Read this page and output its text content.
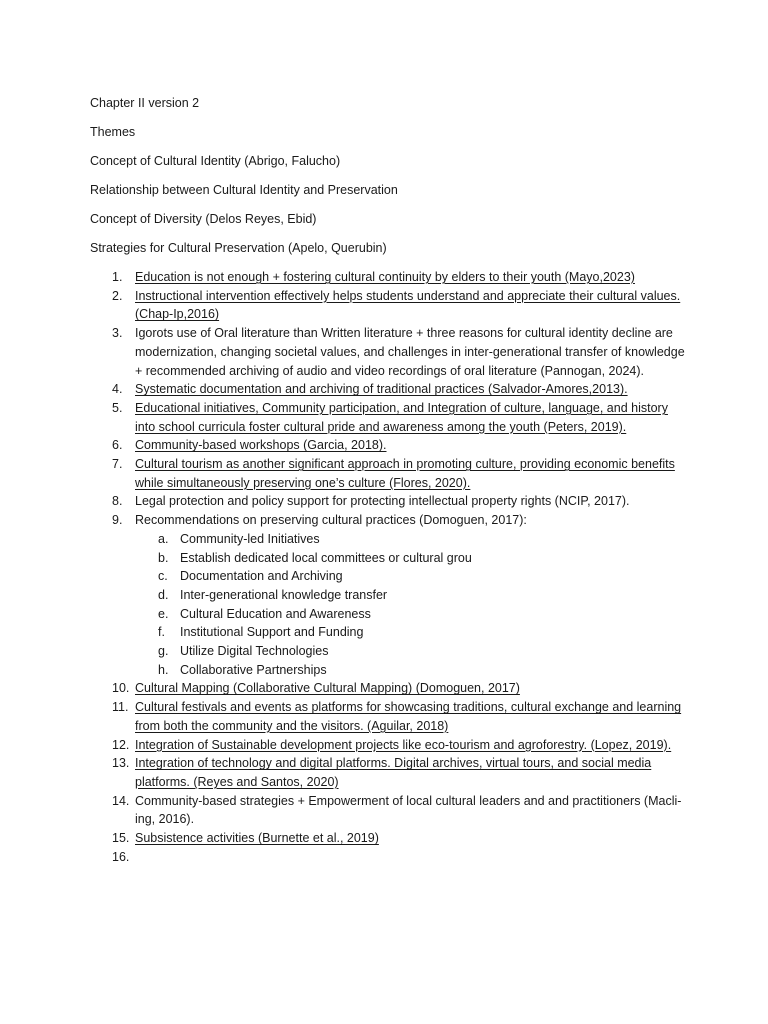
Chapter II version 2

Themes

Concept of Cultural Identity (Abrigo, Falucho)

Relationship between Cultural Identity and Preservation

Concept of Diversity (Delos Reyes, Ebid)

Strategies for Cultural Preservation (Apelo, Querubin)

1. Education is not enough + fostering cultural continuity by elders to their youth (Mayo,2023)
2. Instructional intervention effectively helps students understand and appreciate their cultural values. (Chap-Ip,2016)
3. Igorots use of Oral literature than Written literature + three reasons for cultural identity decline are modernization, changing societal values, and challenges in inter-generational transfer of knowledge + recommended archiving of audio and video recordings of oral literature (Pannogan, 2024).
4. Systematic documentation and archiving of traditional practices (Salvador-Amores,2013).
5. Educational initiatives, Community participation, and Integration of culture, language, and history into school curricula foster cultural pride and awareness among the youth (Peters, 2019).
6. Community-based workshops (Garcia, 2018).
7. Cultural tourism as another significant approach in promoting culture, providing economic benefits while simultaneously preserving one’s culture (Flores, 2020).
8. Legal protection and policy support for protecting intellectual property rights (NCIP, 2017).
9. Recommendations on preserving cultural practices (Domoguen, 2017):
a. Community-led Initiatives
b. Establish dedicated local committees or cultural grou
c. Documentation and Archiving
d. Inter-generational knowledge transfer
e. Cultural Education and Awareness
f. Institutional Support and Funding
g. Utilize Digital Technologies
h. Collaborative Partnerships
10. Cultural Mapping (Collaborative Cultural Mapping) (Domoguen, 2017)
11. Cultural festivals and events as platforms for showcasing traditions, cultural exchange and learning from both the community and the visitors. (Aguilar, 2018)
12. Integration of Sustainable development projects like eco-tourism and agroforestry. (Lopez, 2019).
13. Integration of technology and digital platforms. Digital archives, virtual tours, and social media platforms. (Reyes and Santos, 2020)
14. Community-based strategies + Empowerment of local cultural leaders and and practitioners (Macli-ing, 2016).
15. Subsistence activities (Burnette et al., 2019)
16.
